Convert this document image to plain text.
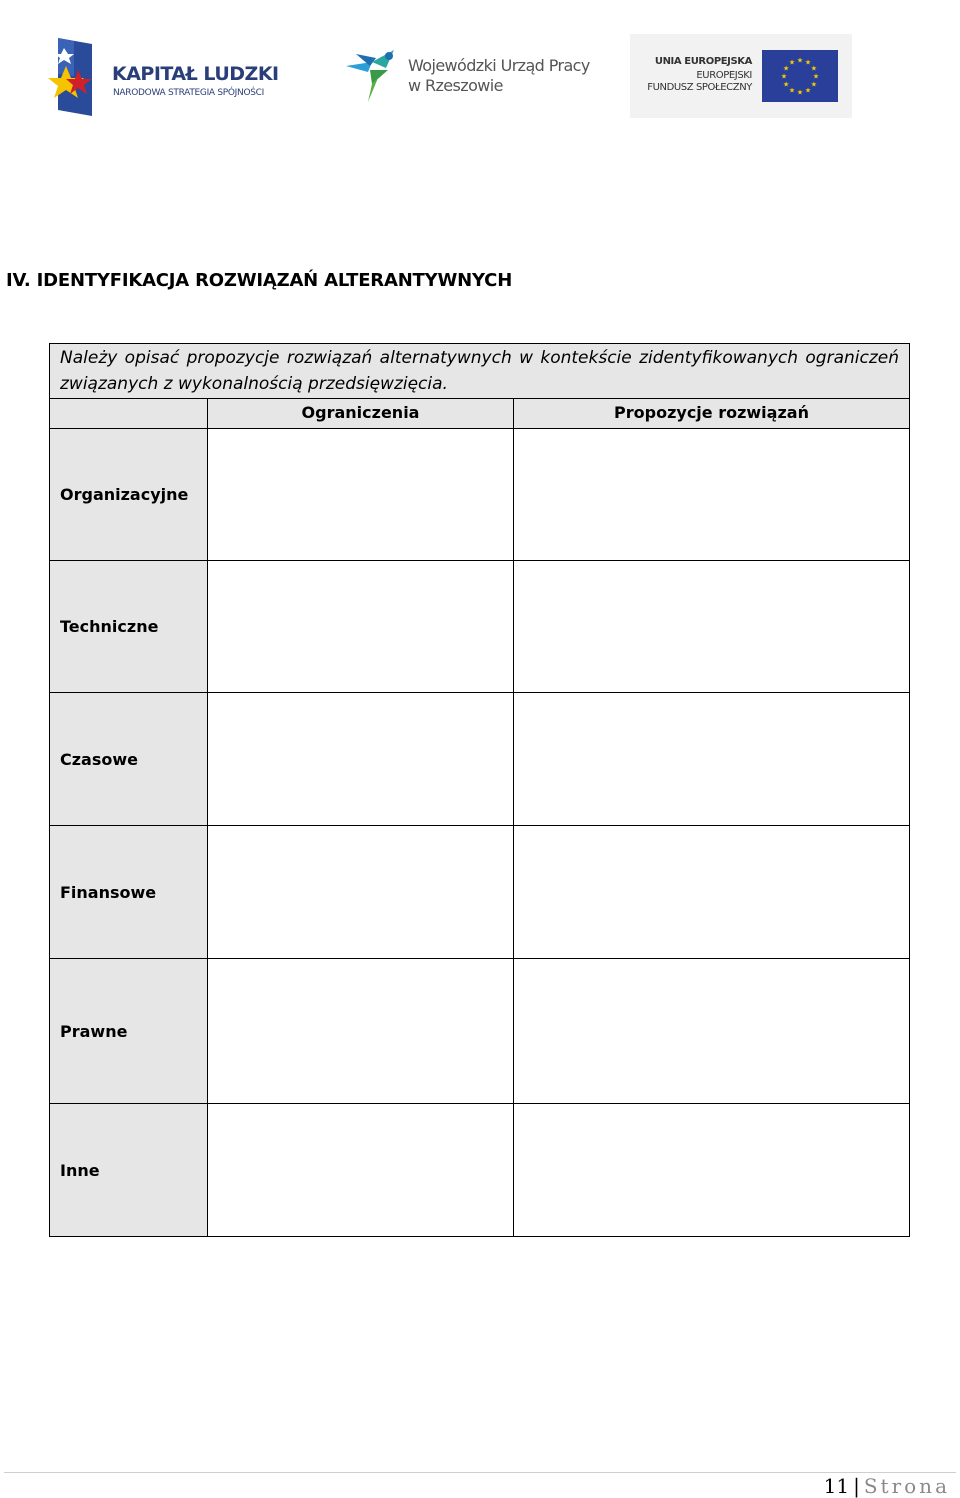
KAPITAŁ LUDZKI
NARODOWA STRATEGIA SPÓJNOŚCI
Wojewódzki Urząd Pracy
w Rzeszowie
UNIA EUROPEJSKA
EUROPEJSKI
FUNDUSZ SPOŁECZNY
★
★
★
★
★
★
★
★
★ ★ ★
★
IV. IDENTYFIKACJA ROZWIĄZAŃ ALTERANTYWNYCH
Należy opisać propozycje rozwiązań alternatywnych w kontekście zidentyfikowanych ograniczeń związanych z wykonalnością przedsięwzięcia.
Ograniczenia	Propozycje rozwiązań
Organizacyjne
Techniczne
Czasowe
Finansowe
Prawne
Inne
11 | Strona
